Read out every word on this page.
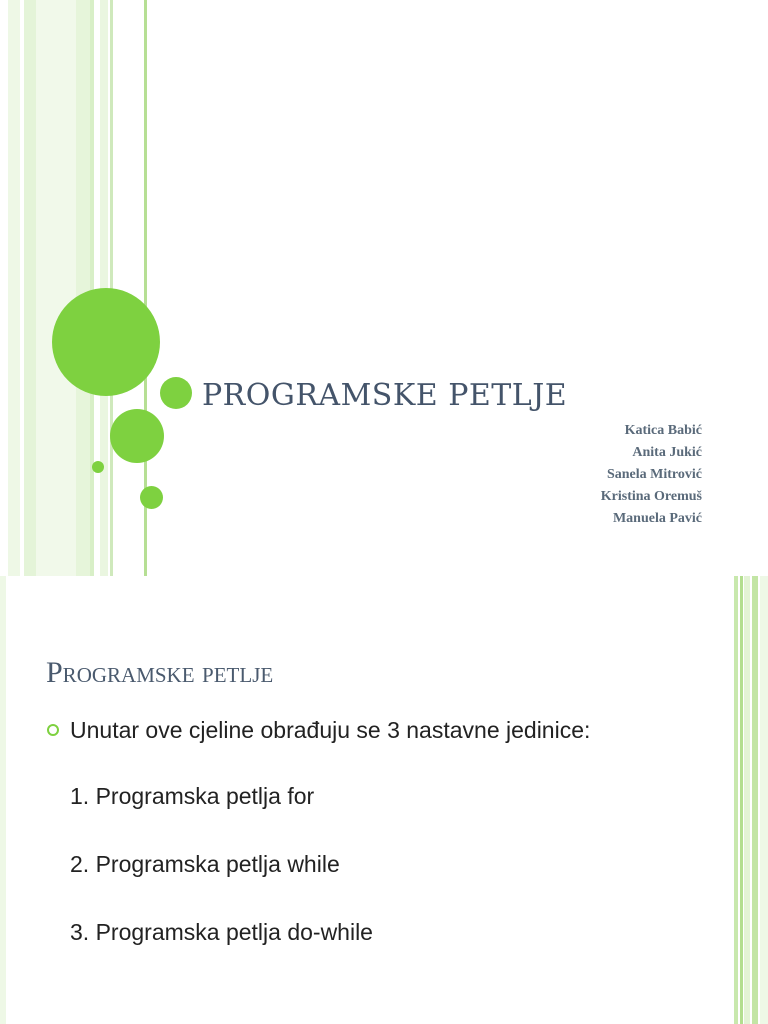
PROGRAMSKE PETLJE
Katica Babić
Anita Jukić
Sanela Mitrović
Kristina Oremuš
Manuela Pavić
Programske petlje
Unutar ove cjeline obrađuju se 3 nastavne jedinice:
1. Programska petlja for
2. Programska petlja while
3. Programska petlja do-while
